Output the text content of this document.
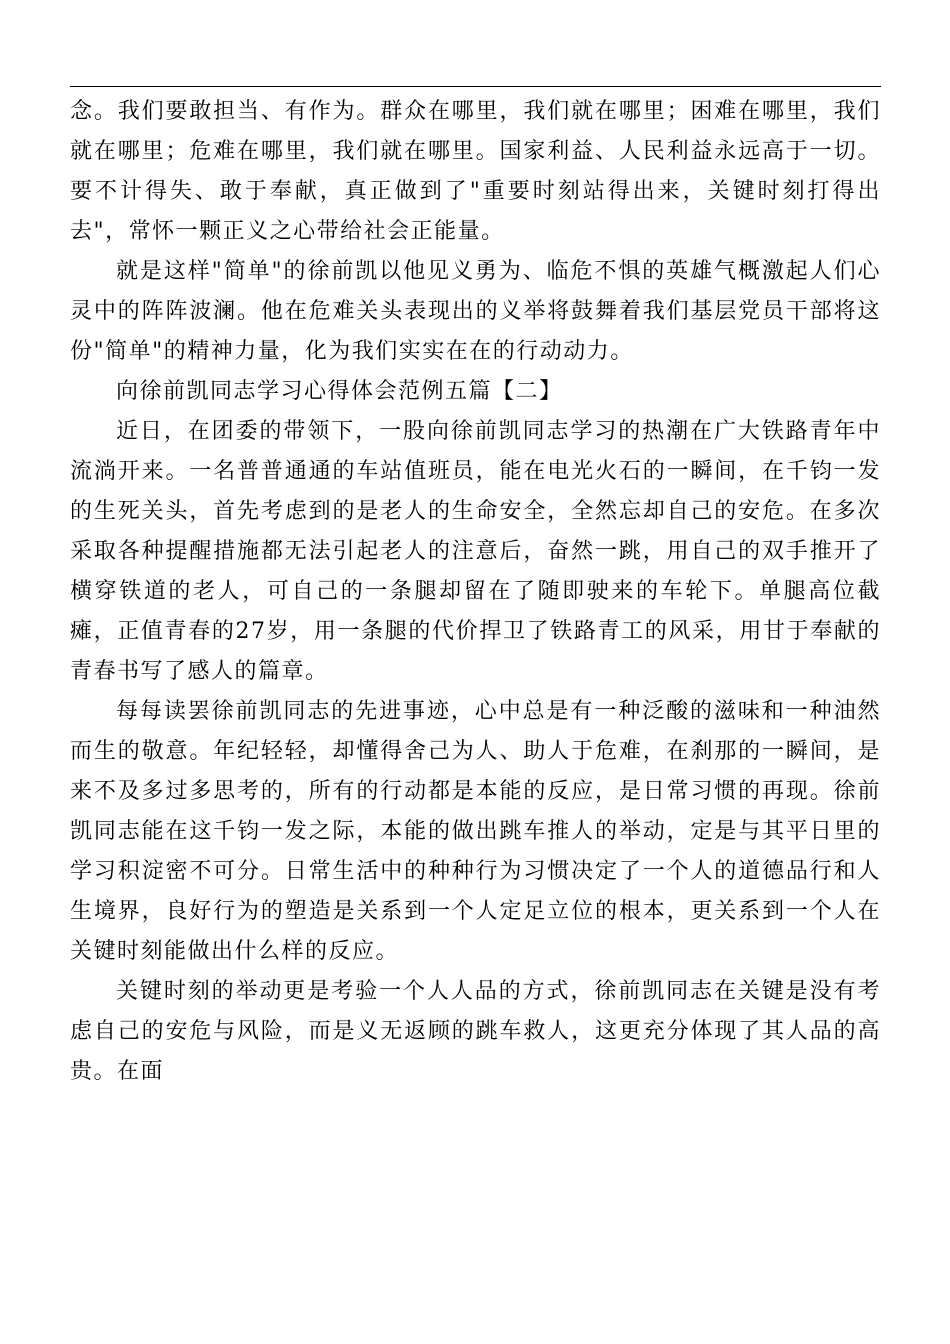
念。我们要敢担当、有作为。群众在哪里，我们就在哪里；困难在哪里，我们就在哪里；危难在哪里，我们就在哪里。国家利益、人民利益永远高于一切。要不计得失、敢于奉献，真正做到了"重要时刻站得出来，关键时刻打得出去"，常怀一颗正义之心带给社会正能量。

就是这样"简单"的徐前凯以他见义勇为、临危不惧的英雄气概激起人们心灵中的阵阵波澜。他在危难关头表现出的义举将鼓舞着我们基层党员干部将这份"简单"的精神力量，化为我们实实在在的行动动力。

向徐前凯同志学习心得体会范例五篇【二】

近日，在团委的带领下，一股向徐前凯同志学习的热潮在广大铁路青年中流淌开来。一名普普通通的车站值班员，能在电光火石的一瞬间，在千钧一发的生死关头，首先考虑到的是老人的生命安全，全然忘却自己的安危。在多次采取各种提醒措施都无法引起老人的注意后，奋然一跳，用自己的双手推开了横穿铁道的老人，可自己的一条腿却留在了随即驶来的车轮下。单腿高位截瘫，正值青春的27岁，用一条腿的代价捍卫了铁路青工的风采，用甘于奉献的青春书写了感人的篇章。

每每读罢徐前凯同志的先进事迹，心中总是有一种泛酸的滋味和一种油然而生的敬意。年纪轻轻，却懂得舍己为人、助人于危难，在刹那的一瞬间，是来不及多过多思考的，所有的行动都是本能的反应，是日常习惯的再现。徐前凯同志能在这千钧一发之际，本能的做出跳车推人的举动，定是与其平日里的学习积淀密不可分。日常生活中的种种行为习惯决定了一个人的道德品行和人生境界，良好行为的塑造是关系到一个人定足立位的根本，更关系到一个人在关键时刻能做出什么样的反应。

关键时刻的举动更是考验一个人人品的方式，徐前凯同志在关键是没有考虑自己的安危与风险，而是义无返顾的跳车救人，这更充分体现了其人品的高贵。在面
